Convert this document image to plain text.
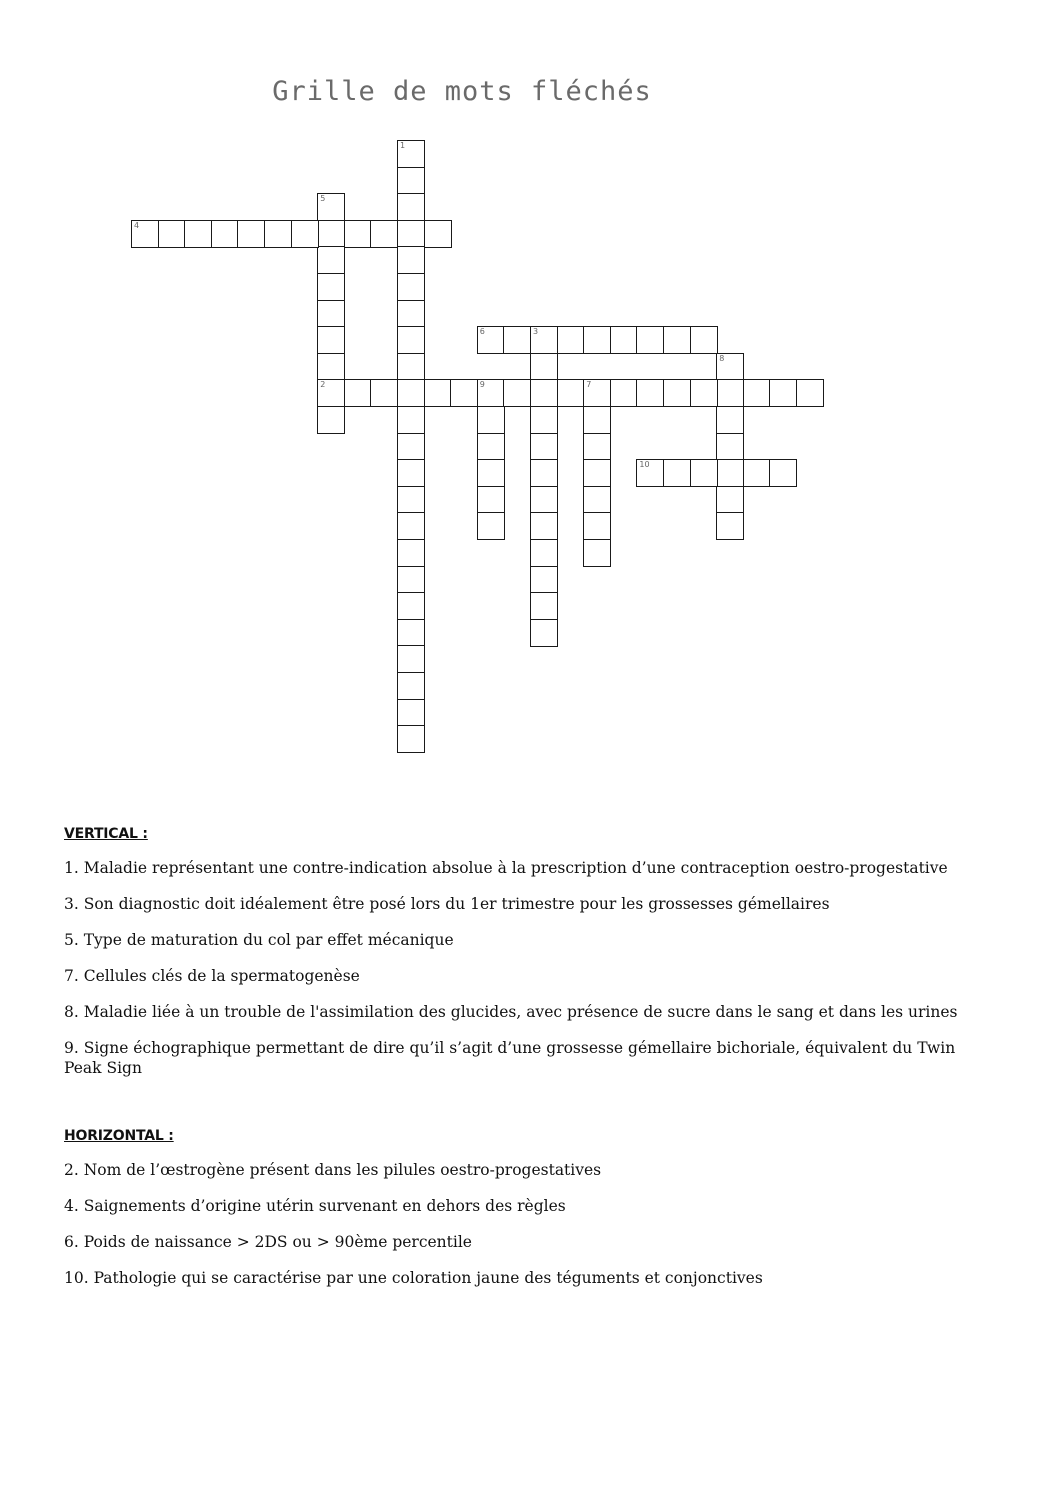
Grille de mots fléchés
1
5
2
4
6	3
8
9	7
10
VERTICAL :
1. Maladie représentant une contre-indication absolue à la prescription d’une contraception oestro-progestative
3. Son diagnostic doit idéalement être posé lors du 1er trimestre pour les grossesses gémellaires
5. Type de maturation du col par effet mécanique
7. Cellules clés de la spermatogenèse
8. Maladie liée à un trouble de l'assimilation des glucides, avec présence de sucre dans le sang et dans les urines
9. Signe échographique permettant de dire qu’il s’agit d’une grossesse gémellaire bichoriale, équivalent du Twin Peak Sign
HORIZONTAL :
2. Nom de l’œstrogène présent dans les pilules oestro-progestatives
4. Saignements d’origine utérin survenant en dehors des règles
6. Poids de naissance > 2DS ou > 90ème percentile
10. Pathologie qui se caractérise par une coloration jaune des téguments et conjonctives
